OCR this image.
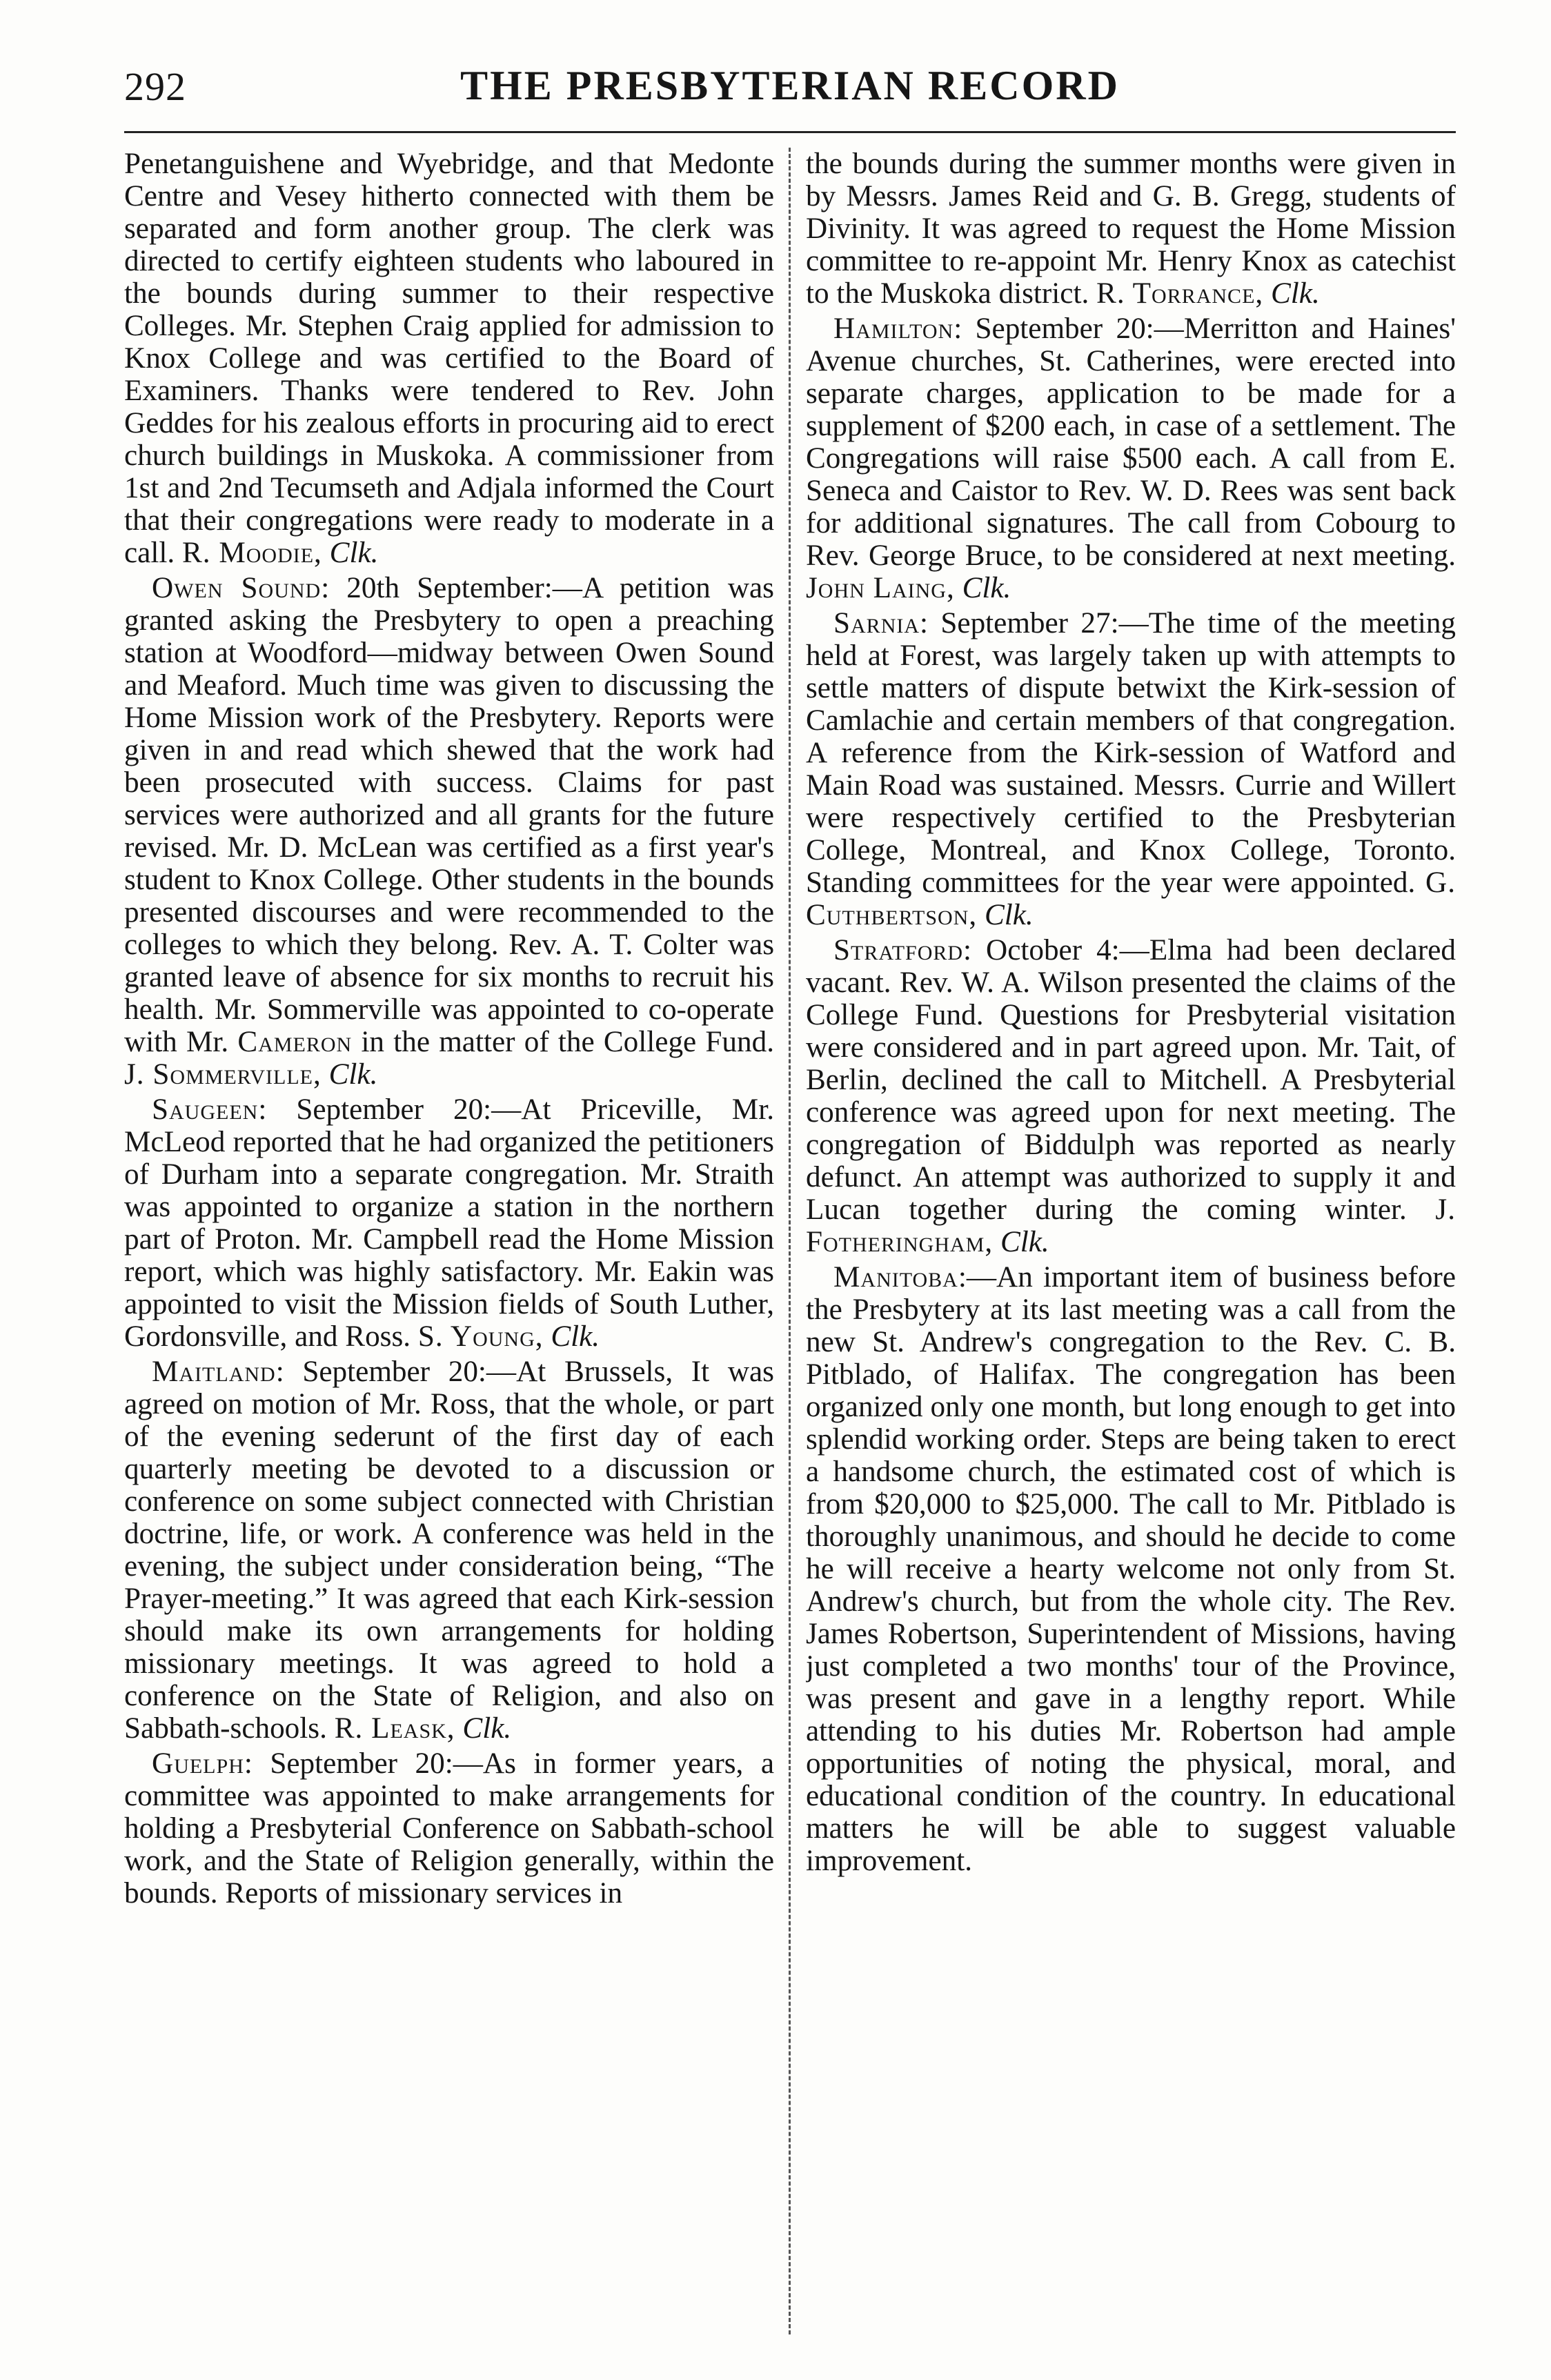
292	THE PRESBYTERIAN RECORD

Penetanguishene and Wyebridge, and that Medonte Centre and Vesey hitherto connected with them be separated and form another group. The clerk was directed to certify eighteen students who laboured in the bounds during summer to their respective Colleges. Mr. Stephen Craig applied for admission to Knox College and was certified to the Board of Examiners. Thanks were tendered to Rev. John Geddes for his zealous efforts in procuring aid to erect church buildings in Muskoka. A commissioner from 1st and 2nd Tecumseth and Adjala informed the Court that their congregations were ready to moderate in a call. R. Moodie, Clk.

Owen Sound: 20th September:—A petition was granted asking the Presbytery to open a preaching station at Woodford—midway between Owen Sound and Meaford. Much time was given to discussing the Home Mission work of the Presbytery. Reports were given in and read which shewed that the work had been prosecuted with success. Claims for past services were authorized and all grants for the future revised. Mr. D. McLean was certified as a first year's student to Knox College. Other students in the bounds presented discourses and were recommended to the colleges to which they belong. Rev. A. T. Colter was granted leave of absence for six months to recruit his health. Mr. Sommerville was appointed to co-operate with Mr. Cameron in the matter of the College Fund. J. Sommerville, Clk.

Saugeen: September 20:—At Priceville, Mr. McLeod reported that he had organized the petitioners of Durham into a separate congregation. Mr. Straith was appointed to organize a station in the northern part of Proton. Mr. Campbell read the Home Mission report, which was highly satisfactory. Mr. Eakin was appointed to visit the Mission fields of South Luther, Gordonsville, and Ross. S. Young, Clk.

Maitland: September 20:—At Brussels, It was agreed on motion of Mr. Ross, that the whole, or part of the evening sederunt of the first day of each quarterly meeting be devoted to a discussion or conference on some subject connected with Christian doctrine, life, or work. A conference was held in the evening, the subject under consideration being, “The Prayer-meeting.” It was agreed that each Kirk-session should make its own arrangements for holding missionary meetings. It was agreed to hold a conference on the State of Religion, and also on Sabbath-schools. R. Leask, Clk.

Guelph: September 20:—As in former years, a committee was appointed to make arrangements for holding a Presbyterial Conference on Sabbath-school work, and the State of Religion generally, within the bounds. Reports of missionary services in

the bounds during the summer months were given in by Messrs. James Reid and G. B. Gregg, students of Divinity. It was agreed to request the Home Mission committee to re-appoint Mr. Henry Knox as catechist to the Muskoka district. R. Torrance, Clk.

Hamilton: September 20:—Merritton and Haines' Avenue churches, St. Catherines, were erected into separate charges, application to be made for a supplement of $200 each, in case of a settlement. The Congregations will raise $500 each. A call from E. Seneca and Caistor to Rev. W. D. Rees was sent back for additional signatures. The call from Cobourg to Rev. George Bruce, to be considered at next meeting. John Laing, Clk.

Sarnia: September 27:—The time of the meeting held at Forest, was largely taken up with attempts to settle matters of dispute betwixt the Kirk-session of Camlachie and certain members of that congregation. A reference from the Kirk-session of Watford and Main Road was sustained. Messrs. Currie and Willert were respectively certified to the Presbyterian College, Montreal, and Knox College, Toronto. Standing committees for the year were appointed. G. Cuthbertson, Clk.

Stratford: October 4:—Elma had been declared vacant. Rev. W. A. Wilson presented the claims of the College Fund. Questions for Presbyterial visitation were considered and in part agreed upon. Mr. Tait, of Berlin, declined the call to Mitchell. A Presbyterial conference was agreed upon for next meeting. The congregation of Biddulph was reported as nearly defunct. An attempt was authorized to supply it and Lucan together during the coming winter. J. Fotheringham, Clk.

Manitoba:—An important item of business before the Presbytery at its last meeting was a call from the new St. Andrew's congregation to the Rev. C. B. Pitblado, of Halifax. The congregation has been organized only one month, but long enough to get into splendid working order. Steps are being taken to erect a handsome church, the estimated cost of which is from $20,000 to $25,000. The call to Mr. Pitblado is thoroughly unanimous, and should he decide to come he will receive a hearty welcome not only from St. Andrew's church, but from the whole city. The Rev. James Robertson, Superintendent of Missions, having just completed a two months' tour of the Province, was present and gave in a lengthy report. While attending to his duties Mr. Robertson had ample opportunities of noting the physical, moral, and educational condition of the country. In educational matters he will be able to suggest valuable improvement.
